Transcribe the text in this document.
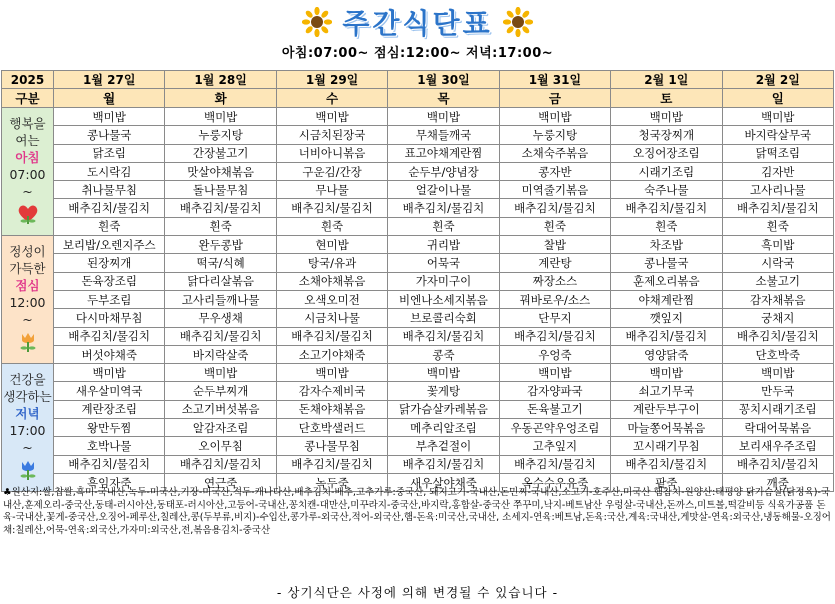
주간식단표
아침:07:00~ 점심:12:00~ 저녁:17:00~
2025	1월 27일	1월 28일	1월 29일	1월 30일	1월 31일	2월 1일	2월 2일
구분	월	화	수	목	금	토	일

행복을 여는
아침
07:00
~	백미밥	백미밥	백미밥	백미밥	백미밥	백미밥	백미밥
	콩나물국	누룽지탕	시금치된장국	무채들깨국	누룽지탕	청국장찌개	바지락살무국
	닭조림	간장불고기	너비아니볶음	표고야채계란찜	소채숙주볶음	오징어장조림	닭떡조림
	도시락김	맛살야채볶음	구운김/간장	순두부/양념장	콩자반	시래기조림	김자반
	취나물무침	돌나물무침	무나물	얼갈이나물	미역줄기볶음	숙주나물	고사리나물
	배추김치/물김치	배추김치/물김치	배추김치/물김치	배추김치/물김치	배추김치/물김치	배추김치/물김치	배추김치/물김치
	흰죽	흰죽	흰죽	흰죽	흰죽	흰죽	흰죽

정성이 가득한
점심
12:00
~	보리밥/오렌지주스	완두콩밥	현미밥	귀리밥	찰밥	차조밥	흑미밥
	된장찌개	떡국/식혜	탕국/유과	어묵국	계란탕	콩나물국	시락국
	돈육장조림	닭다리살볶음	소채야채볶음	가자미구이	짜장소스	훈제오리볶음	소불고기
	두부조림	고사리들깨나물	오색오미전	비엔나소세지볶음	꿔바로우/소스	야채계란찜	감자채볶음
	다시마채무침	무우생채	시금치나물	브로콜리숙회	단무지	깻잎지	궁채지
	배추김치/물김치	배추김치/물김치	배추김치/물김치	배추김치/물김치	배추김치/물김치	배추김치/물김치	배추김치/물김치
	버섯야채죽	바지락살죽	소고기야채죽	콩죽	우엉죽	영양닭죽	단호박죽

건강을 생각하는
저녁
17:00
~	백미밥	백미밥	백미밥	백미밥	백미밥	백미밥	백미밥
	새우살미역국	순두부찌개	감자수제비국	꽃게탕	감자양파국	쇠고기무국	만두국
	계란장조림	소고기버섯볶음	돈채야채볶음	닭가슴살카레볶음	돈육불고기	계란두부구이	꽁치시래기조림
	왕만두찜	알감자조림	단호박샐러드	메추리알조림	우동곤약우엉조림	마늘쫑어묵볶음	락대어묵볶음
	호박나물	오이무침	콩나물무침	부추겉절이	고추잎지	꼬시래기무침	보리새우주조림
	배추김치/물김치	배추김치/물김치	배추김치/물김치	배추김치/물김치	배추김치/물김치	배추김치/물김치	배추김치/물김치
	흑임자죽	연근죽	녹두죽	새우살야채죽	옥수수우유죽	팥죽	깨죽
♣원산지:쌀,찹쌀,흑미-국내산,녹두-미국산,기장-미국산,적두-캐나다산,배추김치-배추,고추가루:중국산, 돼지고기-국내산,돈민찌-국내산,소고기-호주산,미국산 햄참치-원양산:태평양 닭가슴살(닭정육)-국내산,훈제오리-중국산,동태-러시아산,동태포-러시아산,고등어-국내산,꽁치캔-대만산,미꾸라지-중국산,바지락,홍합살-중국산 쭈꾸미,낙지-베트남산 우렁살-국내산,돈까스,미트볼,떡갈비등 식육가공품 돈육-국내산,꽃게-중국산,오징어-페루산,칠레산,콩(두부류,비지)-수입산,콩가루-외국산,적어-외국산,햄-돈육:미국산,국내산, 소세지-연육:베트남,돈육:국산,계육:국내산,게맛살-연육:외국산,냉동해물-오징어채:칠레산,어묵-연육:외국산,가자미:외국산,전,볶음용김치-중국산
- 상기식단은 사정에 의해 변경될 수 있습니다 -
